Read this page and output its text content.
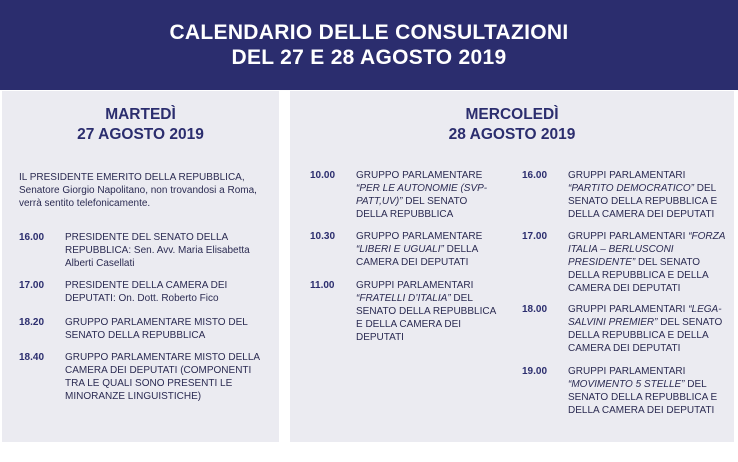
CALENDARIO DELLE CONSULTAZIONI
DEL 27 E 28 AGOSTO 2019
MARTEDÌ
27 AGOSTO 2019
IL PRESIDENTE EMERITO DELLA REPUBBLICA, Senatore Giorgio Napolitano, non trovandosi a Roma, verrà sentito telefonicamente.
16.00	PRESIDENTE DEL SENATO DELLA REPUBBLICA: Sen. Avv. Maria Elisabetta Alberti Casellati
17.00	PRESIDENTE DELLA CAMERA DEI DEPUTATI: On. Dott. Roberto Fico
18.20	GRUPPO PARLAMENTARE MISTO DEL SENATO DELLA REPUBBLICA
18.40	GRUPPO PARLAMENTARE MISTO DELLA CAMERA DEI DEPUTATI (COMPONENTI TRA LE QUALI SONO PRESENTI LE MINORANZE LINGUISTICHE)
MERCOLEDÌ
28 AGOSTO 2019
10.00	GRUPPO PARLAMENTARE “PER LE AUTONOMIE (SVP-PATT,UV)” DEL SENATO DELLA REPUBBLICA
10.30	GRUPPO PARLAMENTARE “LIBERI E UGUALI” DELLA CAMERA DEI DEPUTATI
11.00	GRUPPI PARLAMENTARI “FRATELLI D’ITALIA” DEL SENATO DELLA REPUBBLICA E DELLA CAMERA DEI DEPUTATI
16.00	GRUPPI PARLAMENTARI “PARTITO DEMOCRATICO” DEL SENATO DELLA REPUBBLICA E DELLA CAMERA DEI DEPUTATI
17.00	GRUPPI PARLAMENTARI “FORZA ITALIA – BERLUSCONI PRESIDENTE” DEL SENATO DELLA REPUBBLICA E DELLA CAMERA DEI DEPUTATI
18.00	GRUPPI PARLAMENTARI “LEGA-SALVINI PREMIER” DEL SENATO DELLA REPUBBLICA E DELLA CAMERA DEI DEPUTATI
19.00	GRUPPI PARLAMENTARI “MOVIMENTO 5 STELLE” DEL SENATO DELLA REPUBBLICA E DELLA CAMERA DEI DEPUTATI
